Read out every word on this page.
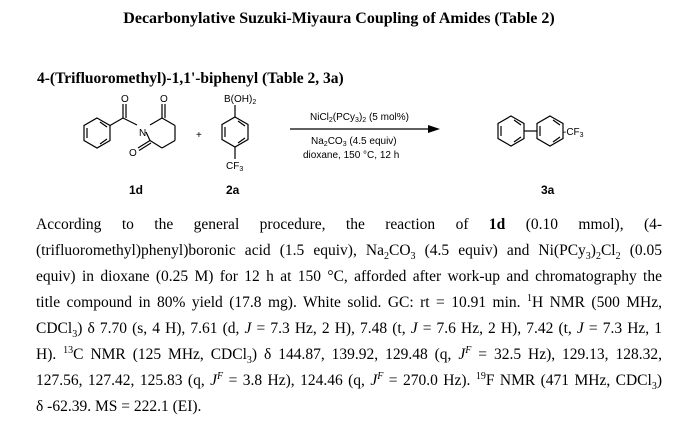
Decarbonylative Suzuki-Miyaura Coupling of Amides (Table 2)
4-(Trifluoromethyl)-1,1'-biphenyl (Table 2, 3a)
N
O	O
O
+
$B(OH)_2$
$CF_3$
$NiCl_2(PCy_3)_2$ (5 mol%)
$Na_2CO_3$ (4.5 equiv)
dioxane, 150 °C, 12 h
$-CF_3$
1d	2a	3a
According to the general procedure, the reaction of 1d (0.10 mmol), (4-
(trifluoromethyl)phenyl)boronic acid (1.5 equiv), $Na_2CO_3$ (4.5 equiv) and $Ni(PCy_3)_2Cl_2$ (0.05
equiv) in dioxane (0.25 M) for 12 h at 150 °C, afforded after work-up and chromatography the
title compound in 80% yield (17.8 mg). White solid. GC: rt = 10.91 min. $^1$H NMR (500 MHz,
CDCl$_3$) δ 7.70 (s, 4 H), 7.61 (d, J = 7.3 Hz, 2 H), 7.48 (t, J = 7.6 Hz, 2 H), 7.42 (t, J = 7.3 Hz, 1
H). $^{13}$C NMR (125 MHz, CDCl$_3$) δ 144.87, 139.92, 129.48 (q, $J^F = 32.5$ Hz), 129.13, 128.32,
127.56, 127.42, 125.83 (q, $J^F = 3.8$ Hz), 124.46 (q, $J^F = 270.0$ Hz). $^{19}$F NMR (471 MHz, CDCl$_3$)
δ -62.39. MS = 222.1 (EI).
